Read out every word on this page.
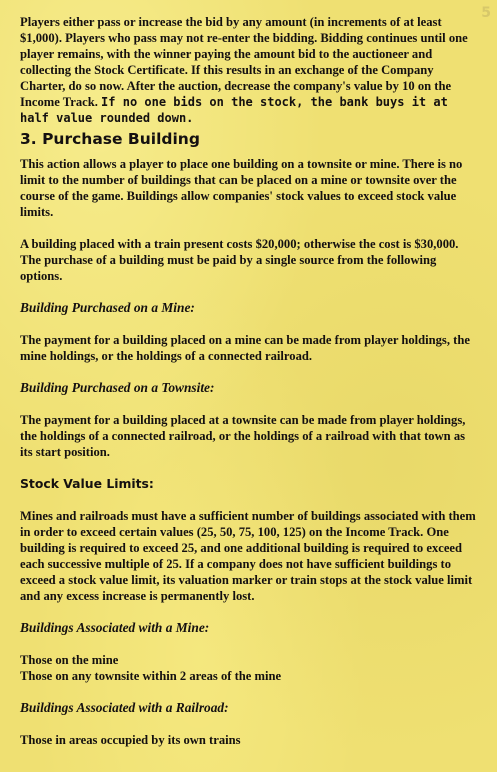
5

Players either pass or increase the bid by any amount (in increments of at least $1,000). Players who pass may not re-enter the bidding. Bidding continues until one player remains, with the winner paying the amount bid to the auctioneer and collecting the Stock Certificate. If this results in an exchange of the Company Charter, do so now. After the auction, decrease the company's value by 10 on the Income Track. If no one bids on the stock, the bank buys it at half value rounded down.

3. Purchase Building

This action allows a player to place one building on a townsite or mine. There is no limit to the number of buildings that can be placed on a mine or townsite over the course of the game. Buildings allow companies' stock values to exceed stock value limits.

A building placed with a train present costs $20,000; otherwise the cost is $30,000. The purchase of a building must be paid by a single source from the following options.

Building Purchased on a Mine:

The payment for a building placed on a mine can be made from player holdings, the mine holdings, or the holdings of a connected railroad.

Building Purchased on a Townsite:

The payment for a building placed at a townsite can be made from player holdings, the holdings of a connected railroad, or the holdings of a railroad with that town as its start position.

Stock Value Limits:

Mines and railroads must have a sufficient number of buildings associated with them in order to exceed certain values (25, 50, 75, 100, 125) on the Income Track. One building is required to exceed 25, and one additional building is required to exceed each successive multiple of 25. If a company does not have sufficient buildings to exceed a stock value limit, its valuation marker or train stops at the stock value limit and any excess increase is permanently lost.

Buildings Associated with a Mine:

Those on the mine
Those on any townsite within 2 areas of the mine

Buildings Associated with a Railroad:

Those in areas occupied by its own trains
